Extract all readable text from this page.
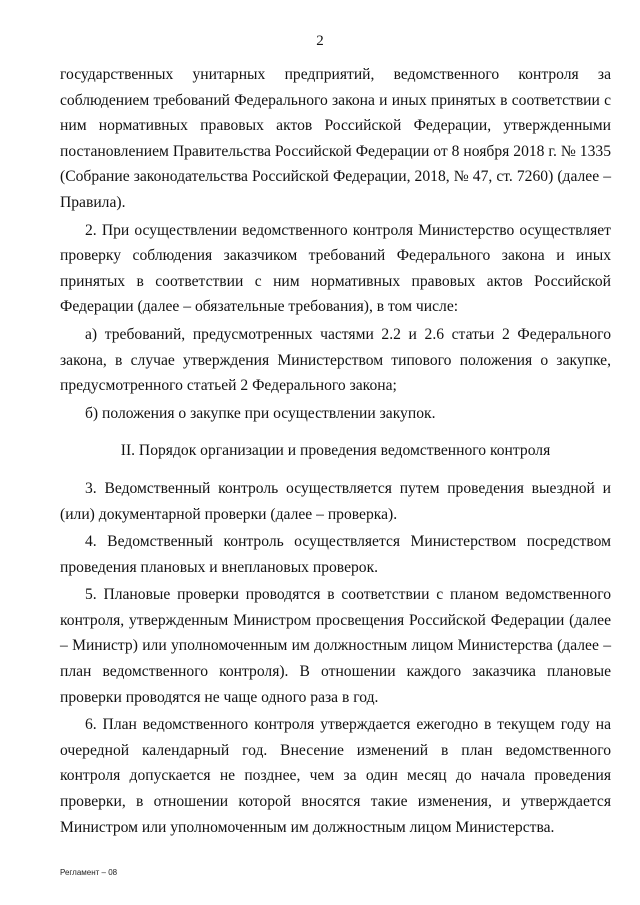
2

государственных унитарных предприятий, ведомственного контроля за соблюдением требований Федерального закона и иных принятых в соответствии с ним нормативных правовых актов Российской Федерации, утвержденными постановлением Правительства Российской Федерации от 8 ноября 2018 г. № 1335 (Собрание законодательства Российской Федерации, 2018, № 47, ст. 7260) (далее – Правила).

2. При осуществлении ведомственного контроля Министерство осуществляет проверку соблюдения заказчиком требований Федерального закона и иных принятых в соответствии с ним нормативных правовых актов Российской Федерации (далее – обязательные требования), в том числе:

а) требований, предусмотренных частями 2.2 и 2.6 статьи 2 Федерального закона, в случае утверждения Министерством типового положения о закупке, предусмотренного статьей 2 Федерального закона;

б) положения о закупке при осуществлении закупок.

II. Порядок организации и проведения ведомственного контроля

3. Ведомственный контроль осуществляется путем проведения выездной и (или) документарной проверки (далее – проверка).

4. Ведомственный контроль осуществляется Министерством посредством проведения плановых и внеплановых проверок.

5. Плановые проверки проводятся в соответствии с планом ведомственного контроля, утвержденным Министром просвещения Российской Федерации (далее – Министр) или уполномоченным им должностным лицом Министерства (далее – план ведомственного контроля). В отношении каждого заказчика плановые проверки проводятся не чаще одного раза в год.

6. План ведомственного контроля утверждается ежегодно в текущем году на очередной календарный год. Внесение изменений в план ведомственного контроля допускается не позднее, чем за один месяц до начала проведения проверки, в отношении которой вносятся такие изменения, и утверждается Министром или уполномоченным им должностным лицом Министерства.

Регламент – 08
